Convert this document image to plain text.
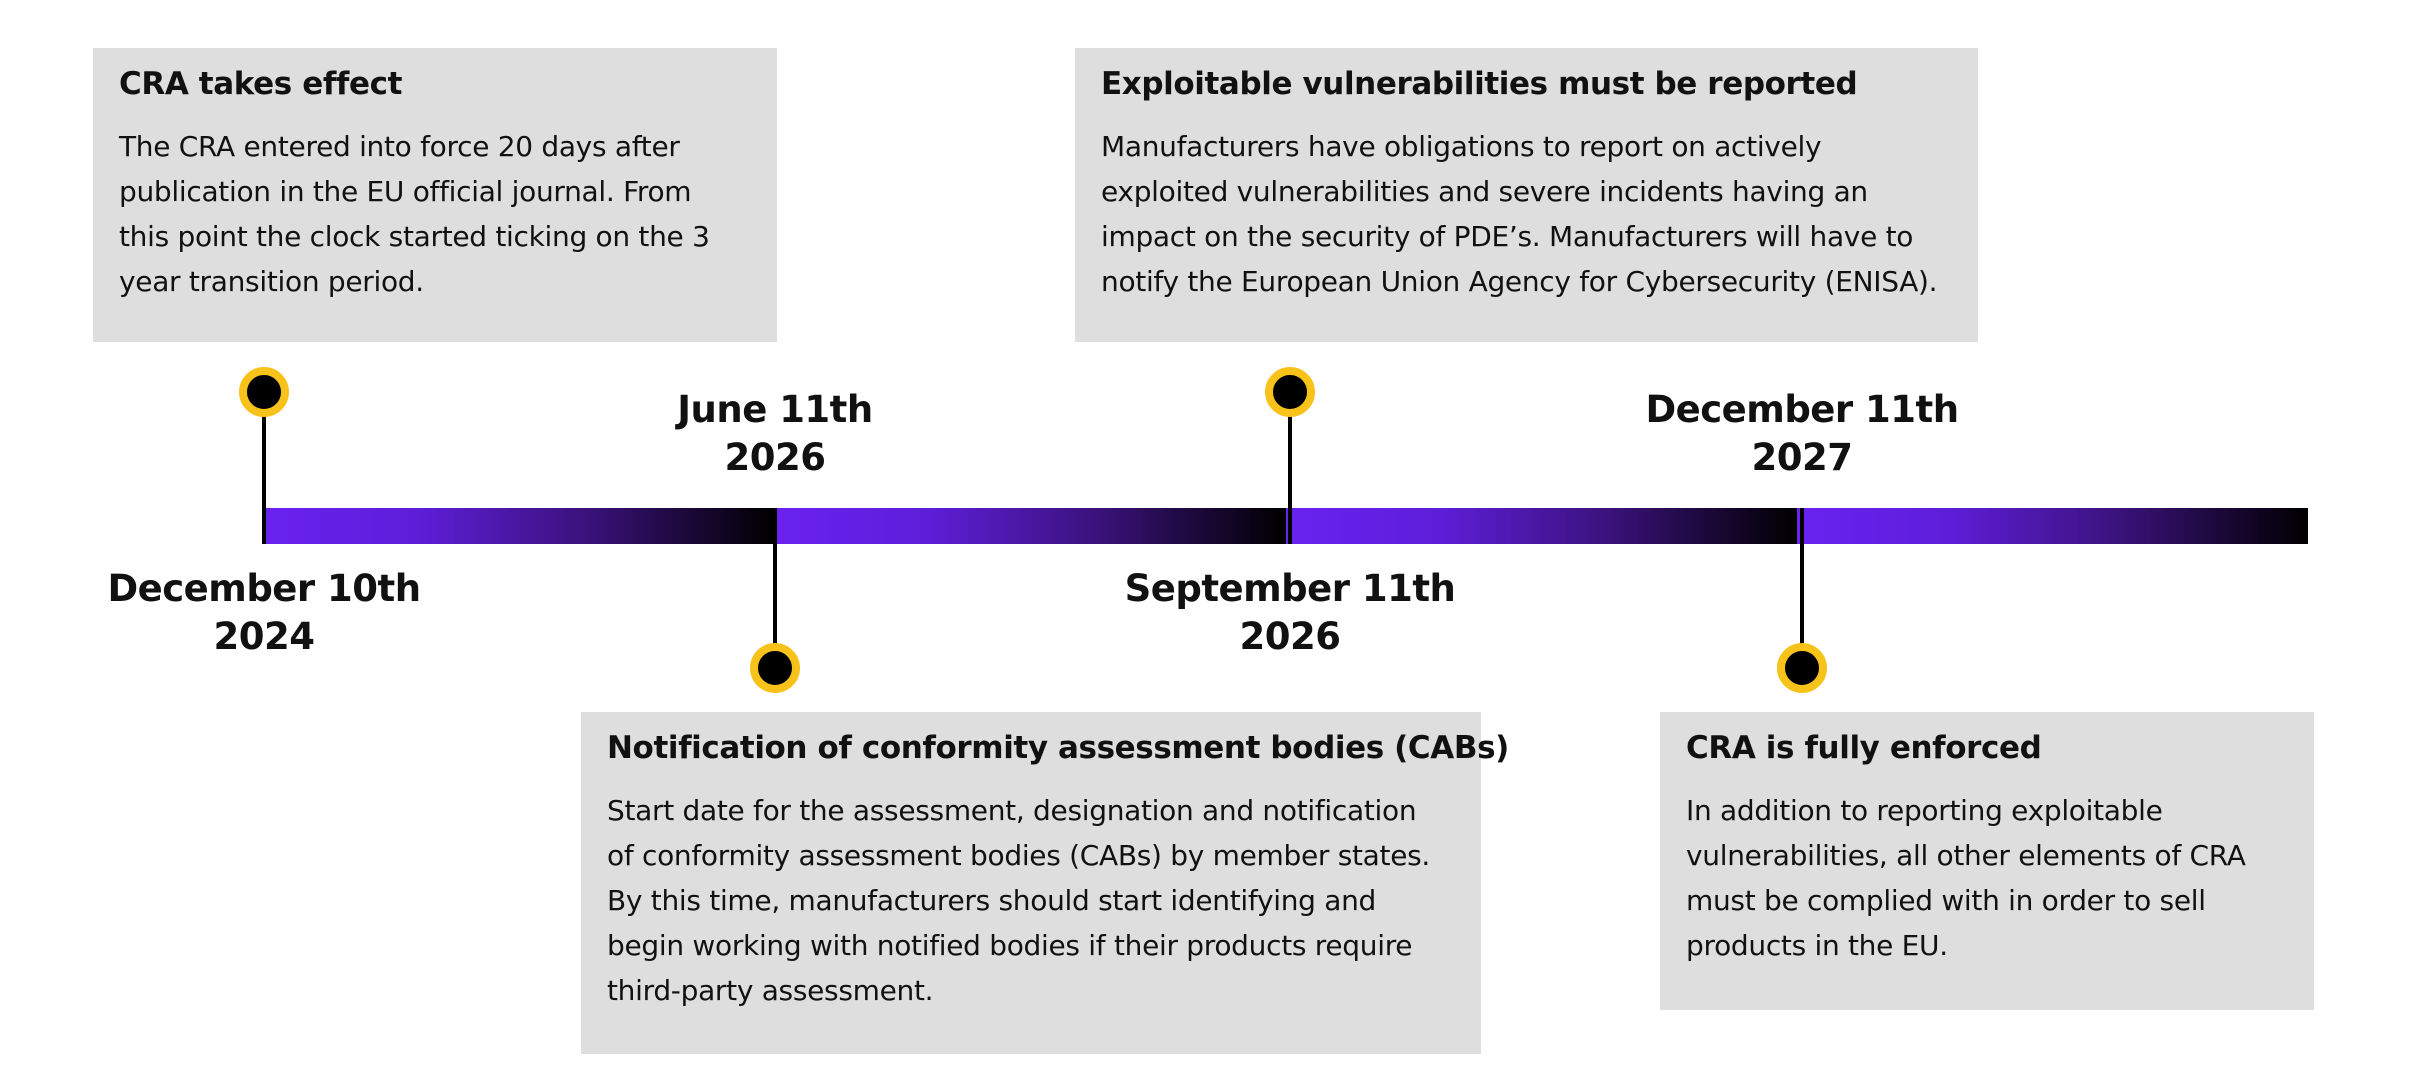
CRA takes effect
The CRA entered into force 20 days after
publication in the EU official journal. From
this point the clock started ticking on the 3
year transition period.
December 10th
2024
June 11th
2026
Notification of conformity assessment bodies (CABs)
Start date for the assessment, designation and notification
of conformity assessment bodies (CABs) by member states.
By this time, manufacturers should start identifying and
begin working with notified bodies if their products require
third-party assessment.
Exploitable vulnerabilities must be reported
Manufacturers have obligations to report on actively
exploited vulnerabilities and severe incidents having an
impact on the security of PDE’s. Manufacturers will have to
notify the European Union Agency for Cybersecurity (ENISA).
September 11th
2026
December 11th
2027
CRA is fully enforced
In addition to reporting exploitable
vulnerabilities, all other elements of CRA
must be complied with in order to sell
products in the EU.
